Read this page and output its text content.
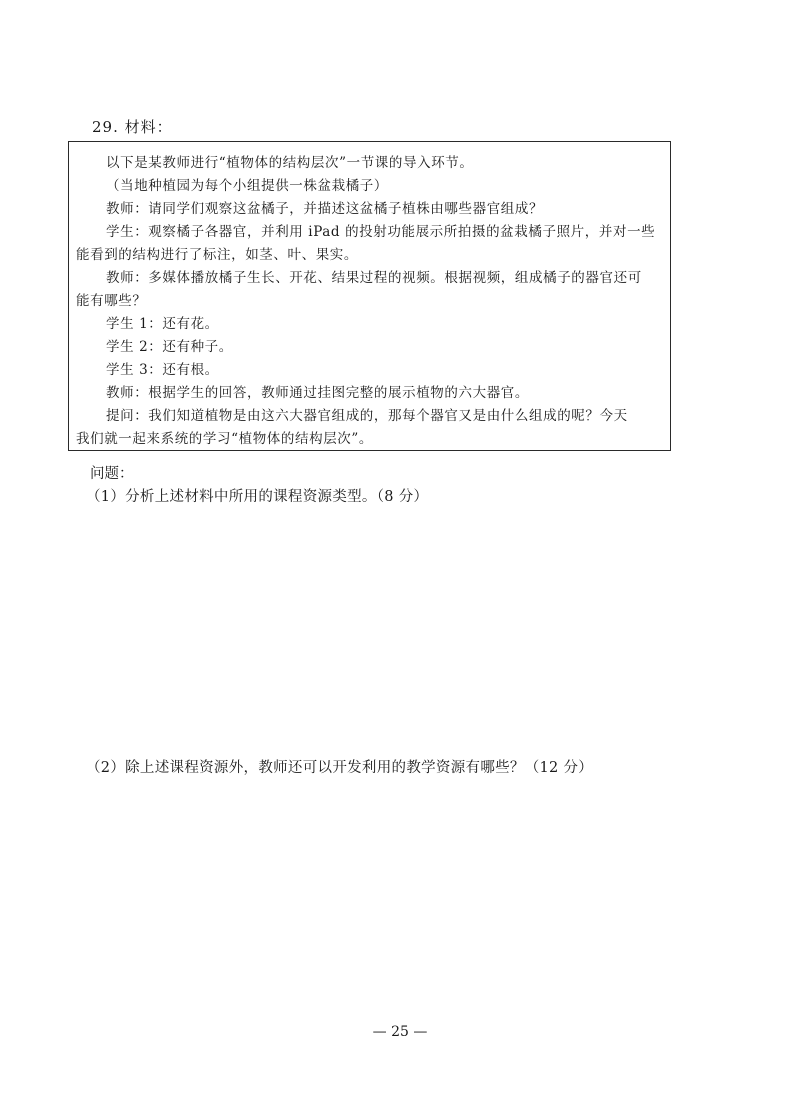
29. 材料：
以下是某教师进行“植物体的结构层次”一节课的导入环节。
（当地种植园为每个小组提供一株盆栽橘子）
教师：请同学们观察这盆橘子，并描述这盆橘子植株由哪些器官组成？
学生：观察橘子各器官，并利用 iPad 的投射功能展示所拍摄的盆栽橘子照片，并对一些
能看到的结构进行了标注，如茎、叶、果实。
教师：多媒体播放橘子生长、开花、结果过程的视频。根据视频，组成橘子的器官还可
能有哪些？
学生 1：还有花。
学生 2：还有种子。
学生 3：还有根。
教师：根据学生的回答，教师通过挂图完整的展示植物的六大器官。
提问：我们知道植物是由这六大器官组成的，那每个器官又是由什么组成的呢？今天
我们就一起来系统的学习“植物体的结构层次”。
问题：
（1）分析上述材料中所用的课程资源类型。（8 分）
（2）除上述课程资源外，教师还可以开发利用的教学资源有哪些？（12 分）
— 25 —
